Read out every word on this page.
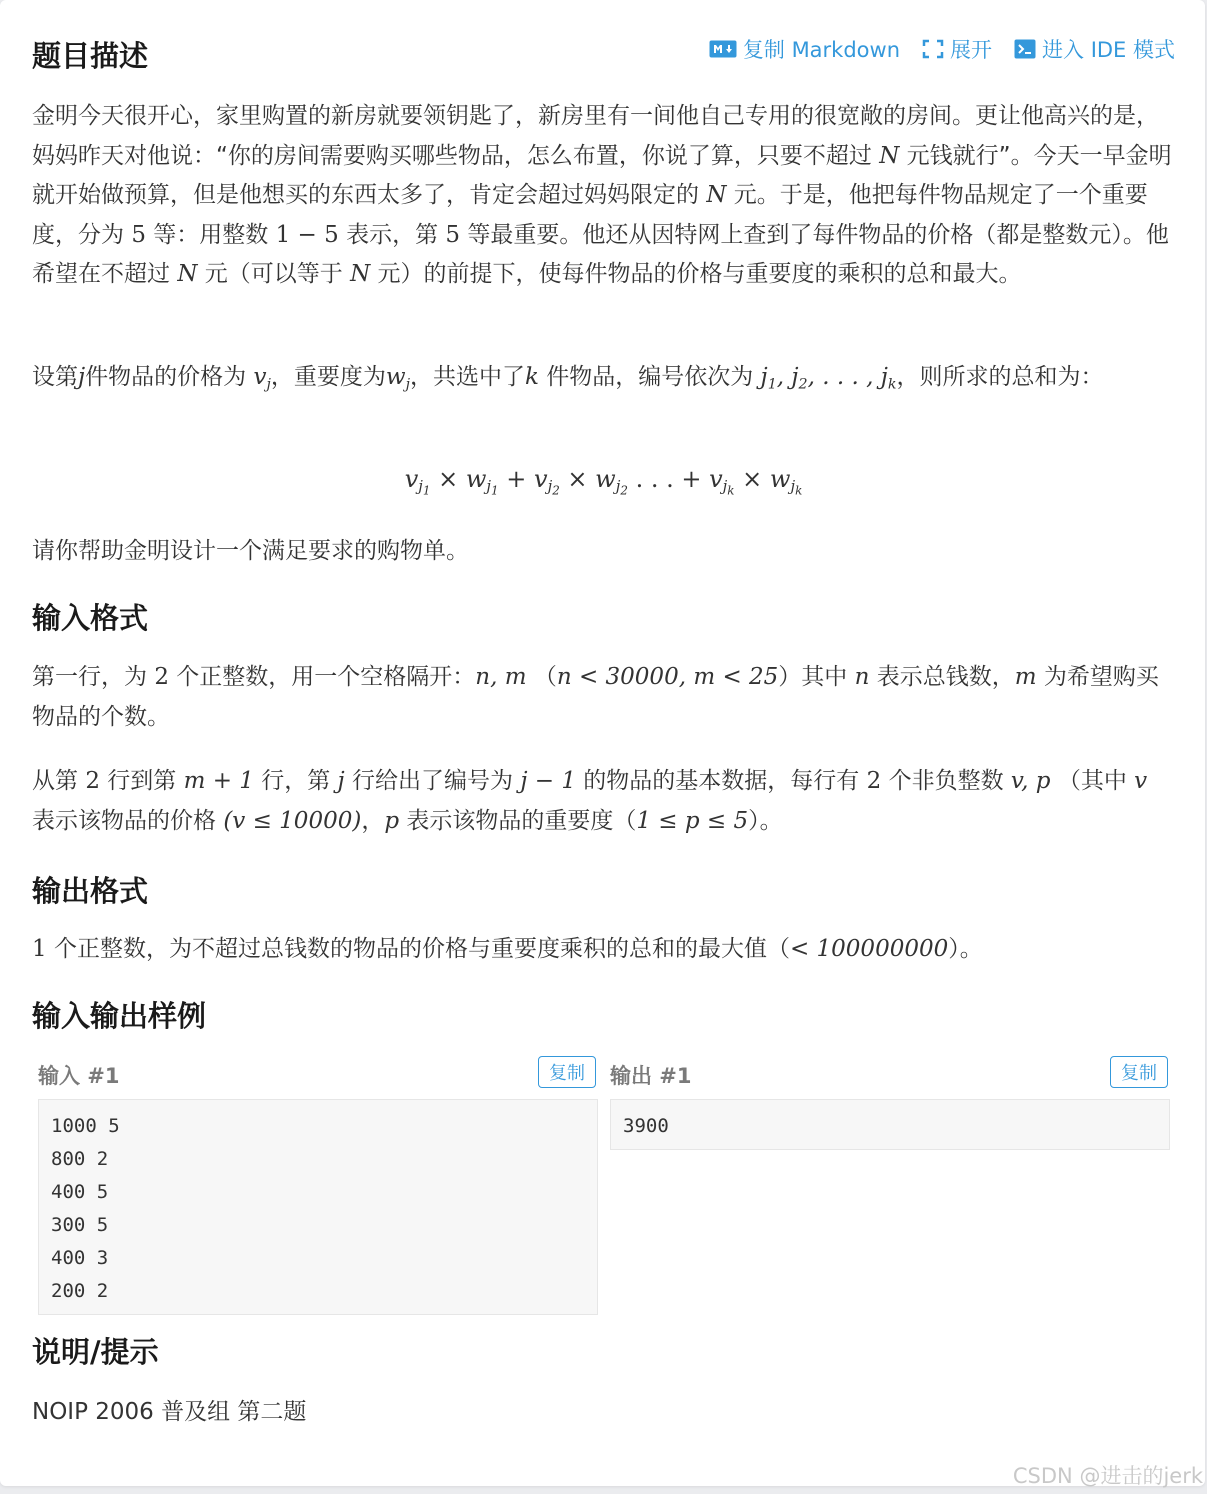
题目描述	复制 Markdown 展开 进入 IDE 模式
金明今天很开心，家里购置的新房就要领钥匙了，新房里有一间他自己专用的很宽敞的房间。更让他高兴的是，妈妈昨天对他说：“你的房间需要购买哪些物品，怎么布置，你说了算，只要不超过 N 元钱就行”。今天一早金明就开始做预算，但是他想买的东西太多了，肯定会超过妈妈限定的 N 元。于是，他把每件物品规定了一个重要度，分为 5 等：用整数 1 − 5 表示，第 5 等最重要。他还从因特网上查到了每件物品的价格（都是整数元）。他希望在不超过 N 元（可以等于 N 元）的前提下，使每件物品的价格与重要度的乘积的总和最大。
设第j件物品的价格为 $v_j$，重要度为$w_j$，共选中了k 件物品，编号依次为 $j_1$, $j_2$, . . . , $j_k$，则所求的总和为：
$v_{j_1} \times w_{j_1} + v_{j_2} \times w_{j_2}$ . . . + $v_{j_k} \times w_{j_k}$
请你帮助金明设计一个满足要求的购物单。
输入格式
第一行，为 2 个正整数，用一个空格隔开：n, m （n < 30000, m < 25）其中 n 表示总钱数，m 为希望购买物品的个数。
从第 2 行到第 m + 1 行，第 j 行给出了编号为 j − 1 的物品的基本数据，每行有 2 个非负整数 v, p （其中 v 表示该物品的价格 (v ≤ 10000)，p 表示该物品的重要度（1 ≤ p ≤ 5）。
输出格式
1 个正整数，为不超过总钱数的物品的价格与重要度乘积的总和的最大值（< 100000000）。
输入输出样例
输入 #1	复制	输出 #1	复制
1000 5
800 2
400 5
300 5
400 3
200 2
3900
说明/提示
NOIP 2006 普及组 第二题
CSDN @进击的jerk
